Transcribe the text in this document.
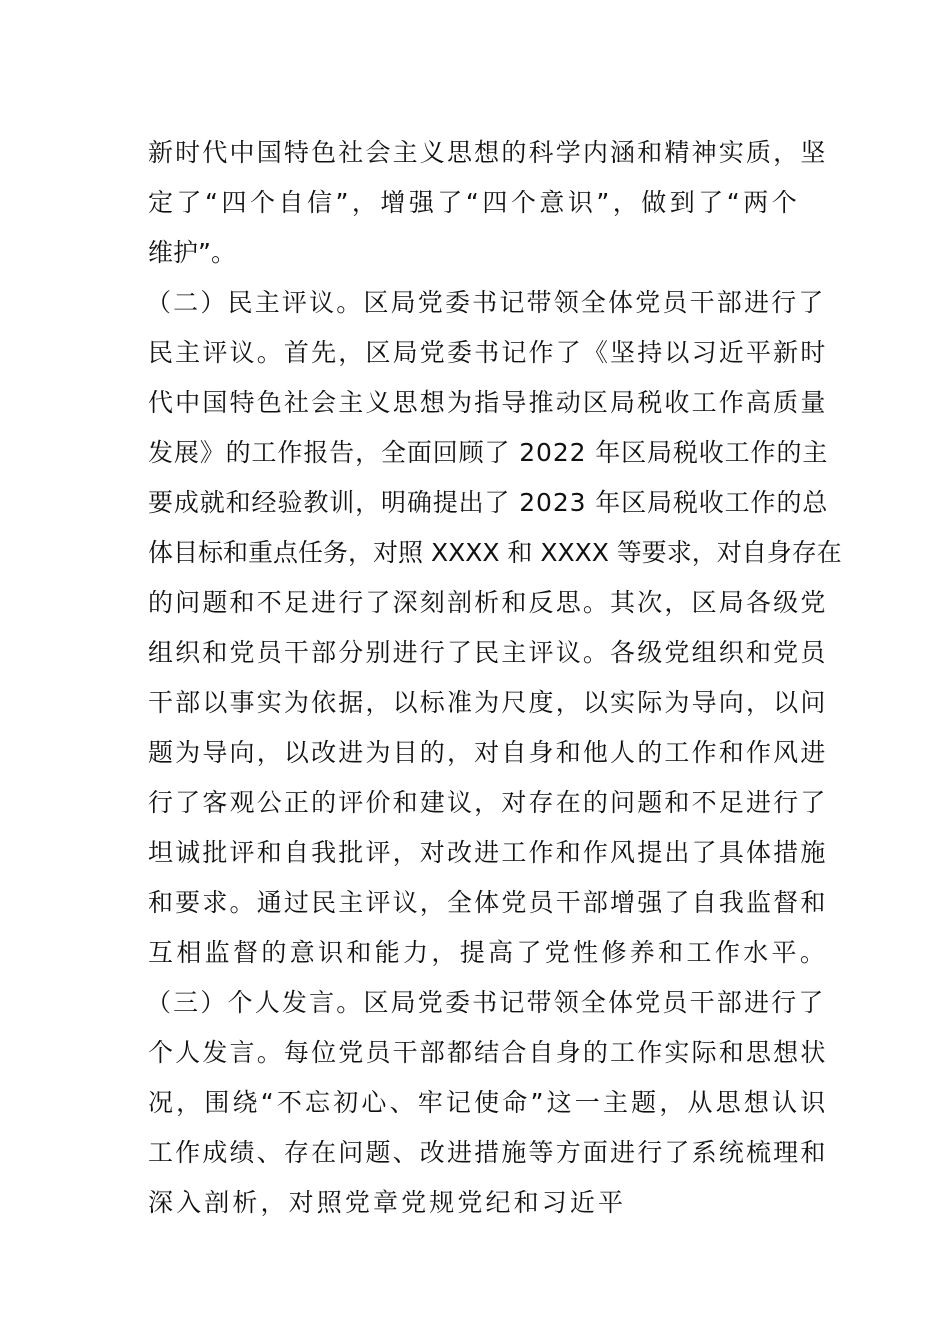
新时代中国特色社会主义思想的科学内涵和精神实质，坚
定了“四个自信”，增强了“四个意识”，做到了“两个
维护”。
（二）民主评议。区局党委书记带领全体党员干部进行了
民主评议。首先，区局党委书记作了《坚持以习近平新时
代中国特色社会主义思想为指导推动区局税收工作高质量
发展》的工作报告，全面回顾了 2022 年区局税收工作的主
要成就和经验教训，明确提出了 2023 年区局税收工作的总
体目标和重点任务，对照 XXXX 和 XXXX 等要求，对自身存在
的问题和不足进行了深刻剖析和反思。其次，区局各级党
组织和党员干部分别进行了民主评议。各级党组织和党员
干部以事实为依据，以标准为尺度，以实际为导向，以问
题为导向，以改进为目的，对自身和他人的工作和作风进
行了客观公正的评价和建议，对存在的问题和不足进行了
坦诚批评和自我批评，对改进工作和作风提出了具体措施
和要求。通过民主评议，全体党员干部增强了自我监督和
互相监督的意识和能力，提高了党性修养和工作水平。
（三）个人发言。区局党委书记带领全体党员干部进行了
个人发言。每位党员干部都结合自身的工作实际和思想状
况，围绕“不忘初心、牢记使命”这一主题，从思想认识
工作成绩、存在问题、改进措施等方面进行了系统梳理和
深入剖析，对照党章党规党纪和习近平
